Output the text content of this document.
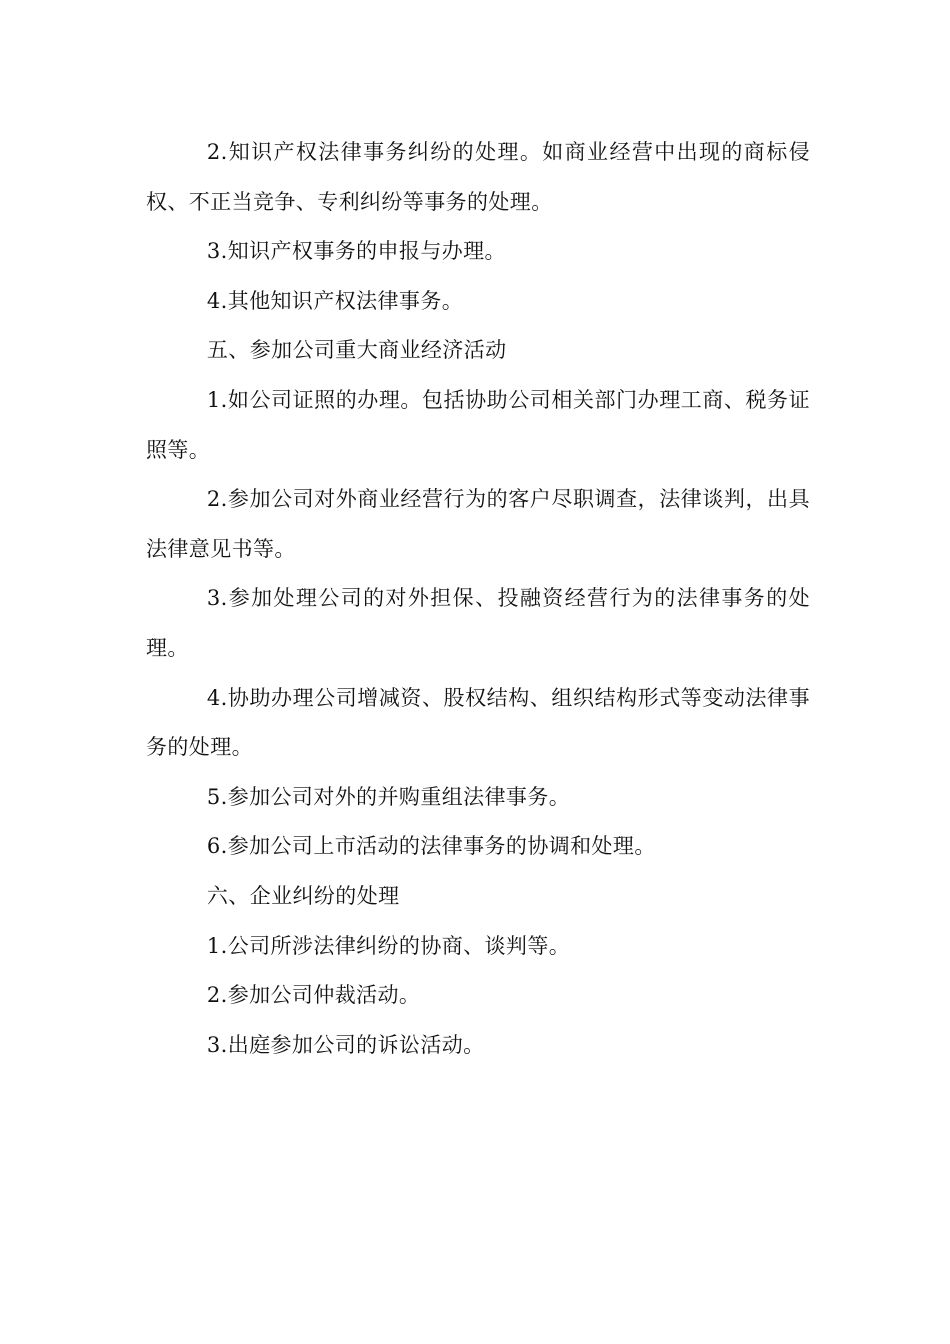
2.知识产权法律事务纠纷的处理。如商业经营中出现的商标侵权、不正当竞争、专利纠纷等事务的处理。

3.知识产权事务的申报与办理。

4.其他知识产权法律事务。

五、参加公司重大商业经济活动

1.如公司证照的办理。包括协助公司相关部门办理工商、税务证照等。

2.参加公司对外商业经营行为的客户尽职调查，法律谈判，出具法律意见书等。

3.参加处理公司的对外担保、投融资经营行为的法律事务的处理。

4.协助办理公司增减资、股权结构、组织结构形式等变动法律事务的处理。

5.参加公司对外的并购重组法律事务。

6.参加公司上市活动的法律事务的协调和处理。

六、企业纠纷的处理

1.公司所涉法律纠纷的协商、谈判等。

2.参加公司仲裁活动。

3.出庭参加公司的诉讼活动。
